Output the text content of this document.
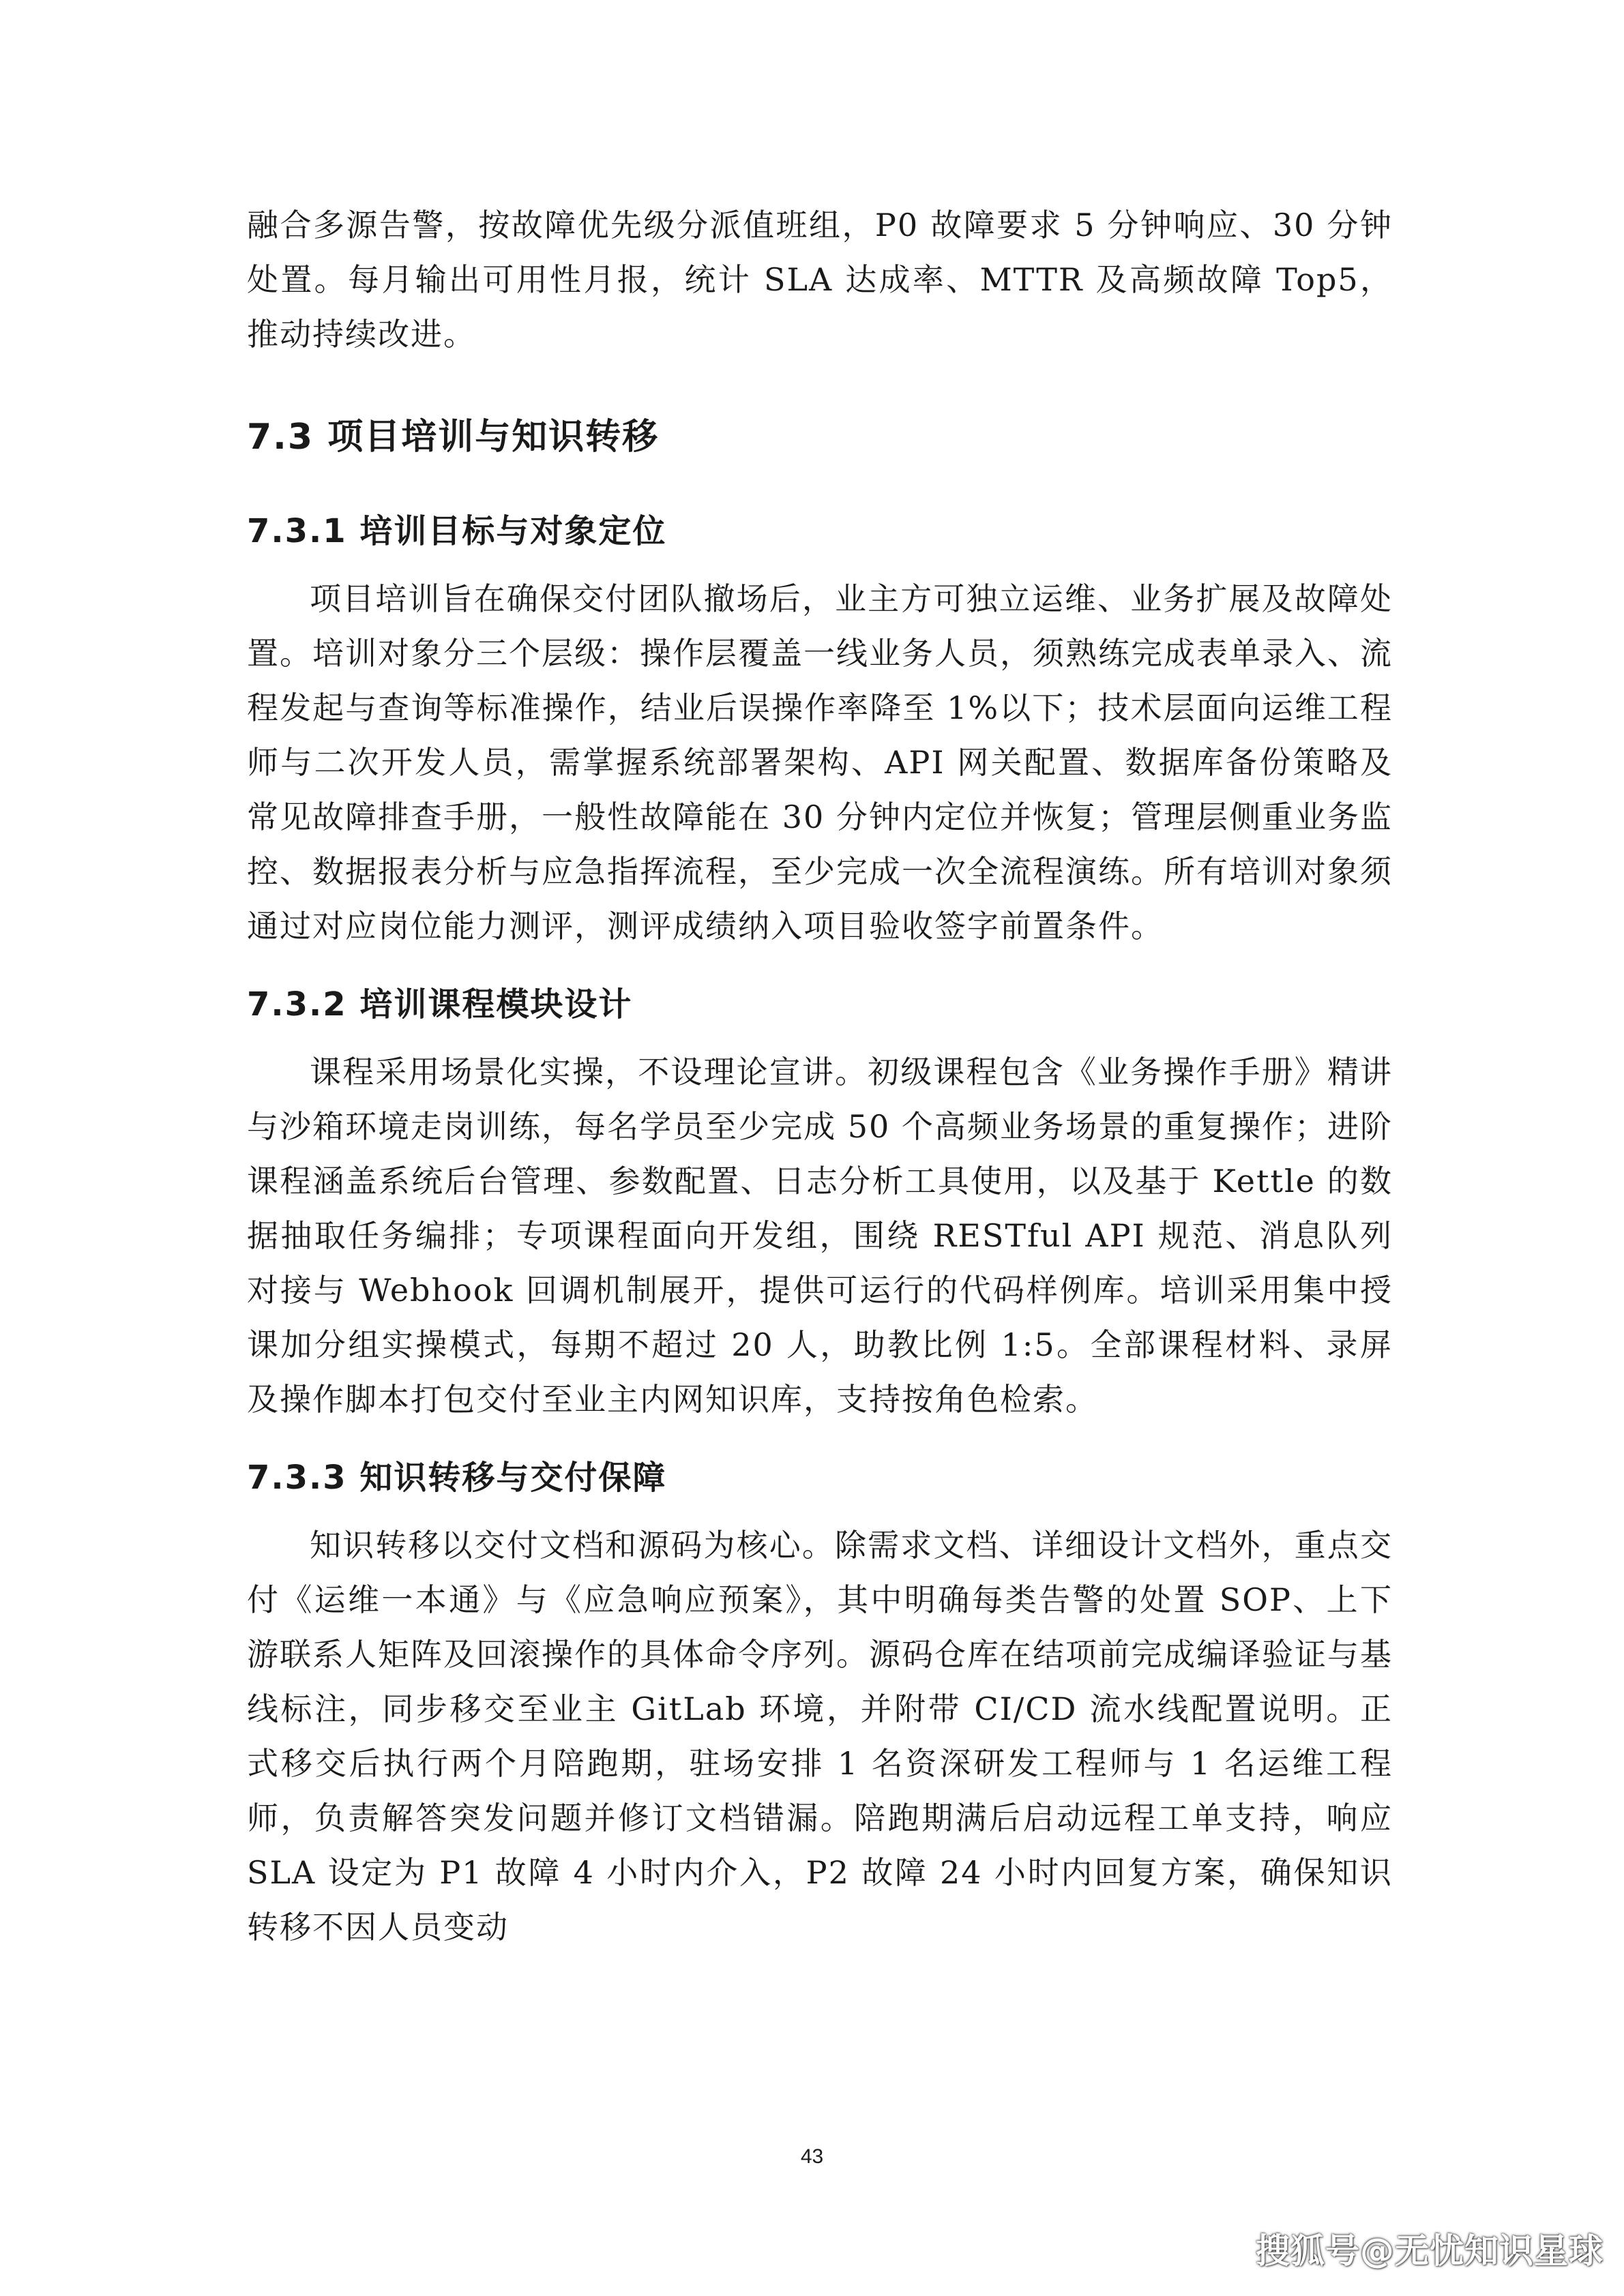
融合多源告警，按故障优先级分派值班组，P0 故障要求 5 分钟响应、30 分钟处置。每月输出可用性月报，统计 SLA 达成率、MTTR 及高频故障 Top5，推动持续改进。

7.3 项目培训与知识转移
7.3.1 培训目标与对象定位

项目培训旨在确保交付团队撤场后，业主方可独立运维、业务扩展及故障处置。培训对象分三个层级：操作层覆盖一线业务人员，须熟练完成表单录入、流程发起与查询等标准操作，结业后误操作率降至 1%以下；技术层面向运维工程师与二次开发人员，需掌握系统部署架构、API 网关配置、数据库备份策略及常见故障排查手册，一般性故障能在 30 分钟内定位并恢复；管理层侧重业务监控、数据报表分析与应急指挥流程，至少完成一次全流程演练。所有培训对象须通过对应岗位能力测评，测评成绩纳入项目验收签字前置条件。

7.3.2 培训课程模块设计

课程采用场景化实操，不设理论宣讲。初级课程包含《业务操作手册》精讲与沙箱环境走岗训练，每名学员至少完成 50 个高频业务场景的重复操作；进阶课程涵盖系统后台管理、参数配置、日志分析工具使用，以及基于 Kettle 的数据抽取任务编排；专项课程面向开发组，围绕 RESTful API 规范、消息队列对接与 Webhook 回调机制展开，提供可运行的代码样例库。培训采用集中授课加分组实操模式，每期不超过 20 人，助教比例 1:5。全部课程材料、录屏及操作脚本打包交付至业主内网知识库，支持按角色检索。

7.3.3 知识转移与交付保障

知识转移以交付文档和源码为核心。除需求文档、详细设计文档外，重点交付《运维一本通》与《应急响应预案》，其中明确每类告警的处置 SOP、上下游联系人矩阵及回滚操作的具体命令序列。源码仓库在结项前完成编译验证与基线标注，同步移交至业主 GitLab 环境，并附带 CI/CD 流水线配置说明。正式移交后执行两个月陪跑期，驻场安排 1 名资深研发工程师与 1 名运维工程师，负责解答突发问题并修订文档错漏。陪跑期满后启动远程工单支持，响应 SLA 设定为 P1 故障 4 小时内介入，P2 故障 24 小时内回复方案，确保知识转移不因人员变动

43
搜狐号@无忧知识星球
